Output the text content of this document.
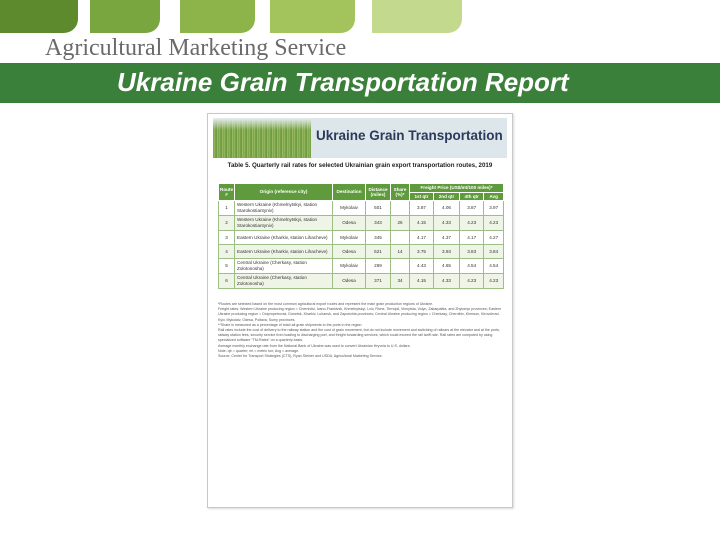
Agricultural Marketing Service
Ukraine Grain Transportation Report
Ukraine Grain Transportation
Table 5. Quarterly rail rates for selected Ukrainian grain export transportation routes, 2019
Route #	Origin (reference city)	Destination	Distance (miles)	Share (%)*	Freight Price (US$/mt/100 miles)*			
					1st qtr	2nd qtr	4th qtr	Avg
1	Western Ukraine (Khmelnytskyi, station Starokostiantyniv)	Mykolaiv	501		3.87	4.06	3.87	3.97
2	Western Ukraine (Khmelnytskyi, station Starokostiantyniv)	Odesa	343	26	4.15	4.33	4.23	4.23
3	Eastern Ukraine (Kharkiv, station Lihacheve)	Mykolaiv	345		4.17	4.37	4.17	4.27
4	Eastern Ukraine (Kharkiv, station Lihacheve)	Odesa	521	14	3.75	3.93	3.83	3.84
5	Central Ukraine (Cherkasy, station Zolotonosha)	Mykolaiv	269		4.43	4.65	4.54	4.54
6	Central Ukraine (Cherkasy, station Zolotonosha)	Odesa	371	34	4.15	4.33	4.23	4.23

*Routes are selected based on the most common agricultural export routes and represent the main grain production regions of Ukraine.

Freight rates: Western Ukraine producing region = Chernivtsi, Ivano-Frankivsk, Khmelnytskyi, Lviv, Rivne, Ternopil, Vinnytsia, Volyn, Zakarpattia, and Zhytomyr provinces; Eastern Ukraine producing region = Dnipropetrovsk, Donetsk, Kharkiv, Luhansk, and Zaporizhia provinces; Central Ukraine producing region = Cherkasy, Chernihiv, Kherson, Kirovohrad, Kyiv, Mykolaiv, Odesa, Poltava, Sumy provinces.

**Share is measured as a percentage of total rail grain shipments to the ports in the region.

Rail rates include the cost of delivery to the railway station and the cost of grain movement, but do not include movement and switching of railcars at the elevator and at the ports, railway station fees, security service from loading to discharging port, and freight forwarding services, which could exceed the rail tariff rate. Rail rates are computed by using specialized software "TM-Rates" on a quarterly basis.

Average monthly exchange rate from the National Bank of Ukraine was used to convert Ukrainian Hryvnia to U.S. dollars.

Note: qtr = quarter; mt = metric ton; Avg = average.

Source: Center for Transport Strategies (CTS), Ryan Steiner and USDA, Agricultural Marketing Service.
